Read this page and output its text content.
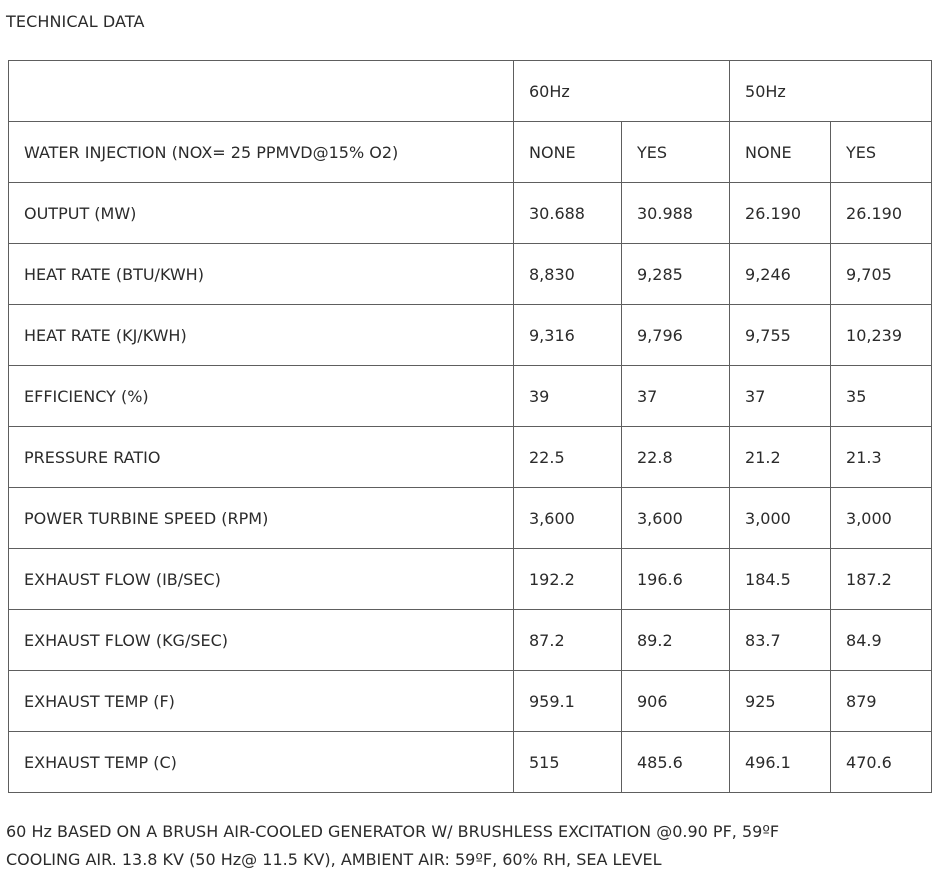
TECHNICAL DATA
	60Hz		50Hz	
WATER INJECTION (NOX= 25 PPMVD@15% O2)	NONE	YES	NONE	YES
OUTPUT (MW)	30.688	30.988	26.190	26.190
HEAT RATE (BTU/KWH)	8,830	9,285	9,246	9,705
HEAT RATE (KJ/KWH)	9,316	9,796	9,755	10,239
EFFICIENCY (%)	39	37	37	35
PRESSURE RATIO	22.5	22.8	21.2	21.3
POWER TURBINE SPEED (RPM)	3,600	3,600	3,000	3,000
EXHAUST FLOW (IB/SEC)	192.2	196.6	184.5	187.2
EXHAUST FLOW (KG/SEC)	87.2	89.2	83.7	84.9
EXHAUST TEMP (F)	959.1	906	925	879
EXHAUST TEMP (C)	515	485.6	496.1	470.6
60 Hz BASED ON A BRUSH AIR-COOLED GENERATOR W/ BRUSHLESS EXCITATION @0.90 PF, 59ºF
COOLING AIR. 13.8 KV (50 Hz@ 11.5 KV), AMBIENT AIR: 59ºF, 60% RH, SEA LEVEL
